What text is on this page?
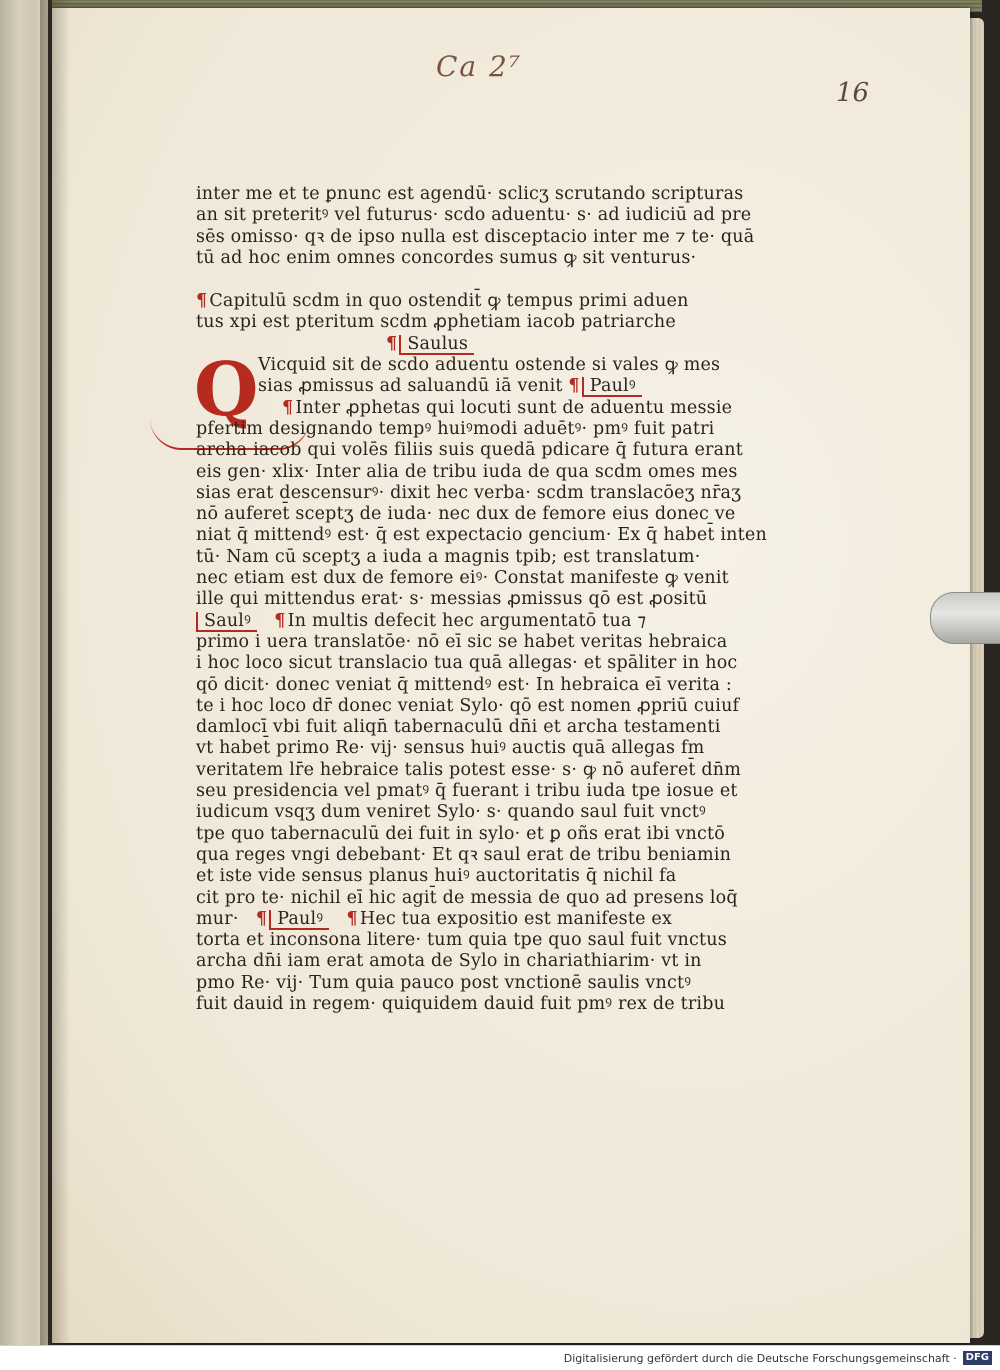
Ca 2⁷
16
Q
inter me et te ꝑnunc est agendū· sclicʒ scrutando scripturas
an sit preteritꝰ vel futurus· scdo aduentu· s· ad iudiciū ad pre
sēs omisso· qꝛ de ipso nulla est disceptacio inter me ⁊ te· quā
tū ad hoc enim omnes concordes sumus ꝙ sit venturus·
¶ Capitulū scdm in quo ostendit̄ ꝙ tempus primi aduen
tus xpi est pteritum scdm ꝓphetiam iacob patriarche
¶ Saulus
Vicquid sit de scdo aduentu ostende si vales ꝙ mes
sias ꝓmissus ad saluandū iā venit ¶ Paulꝰ
¶ Inter ꝓphetas qui locuti sunt de aduentu messie
pfertim designando tempꝰ huiꝰmodi aduētꝰ· pmꝰ fuit patri
archa iacob qui volēs filiis suis quedā pdicare q̄ futura erant
eis gen· xlix· Inter alia de tribu iuda de qua scdm omes mes
sias erat descensurꝰ· dixit hec verba· scdm translacōeʒ nr̄aʒ
nō auferet̄ sceptʒ de iuda· nec dux de femore eius donec ve
niat q̄ mittendꝰ est· q̄ est expectacio gencium· Ex q̄ habet̄ inten
tū· Nam cū sceptʒ a iuda a magnis tpib; est translatum·
nec etiam est dux de femore eiꝰ· Constat manifeste ꝙ venit
ille qui mittendus erat· s· messias ꝓmissus qō est ꝓositū
Saulꝰ ¶ In multis defecit hec argumentatō tua ⁊
primo i uera translatōe· nō eī sic se habet veritas hebraica
i hoc loco sicut translacio tua quā allegas· et spāliter in hoc
qō dicit· donec veniat q̄ mittendꝰ est· In hebraica eī verita :
te i hoc loco dr̄ donec veniat Sylo· qō est nomen ꝓpriū cuiuf
damlocī vbi fuit aliqn̄ tabernaculū dn̄i et archa testamenti
vt habet̄ primo Re· vij· sensus huiꝰ auctis quā allegas fm
veritatem lr̄e hebraice talis potest esse· s· ꝙ nō auferet̄ dn̄m
seu presidencia vel pmatꝰ q̄ fuerant i tribu iuda tpe iosue et
iudicum vsqʒ dum veniret Sylo· s· quando saul fuit vnctꝰ
tpe quo tabernaculū dei fuit in sylo· et ꝑ oñs erat ibi vnctō
qua reges vngi debebant· Et qꝛ saul erat de tribu beniamin
et iste vide sensus planus huiꝰ auctoritatis q̄ nichil fa
cit pro te· nichil eī hic agit̄ de messia de quo ad presens loq̄
mur· ¶ Paulꝰ ¶ Hec tua expositio est manifeste ex
torta et inconsona litere· tum quia tpe quo saul fuit vnctus
archa dn̄i iam erat amota de Sylo in chariathiarim· vt in
pmo Re· vij· Tum quia pauco post vnctionē saulis vnctꝰ
fuit dauid in regem· quiquidem dauid fuit pmꝰ rex de tribu
Digitalisierung gefördert durch die Deutsche Forschungsgemeinschaft · DFG
